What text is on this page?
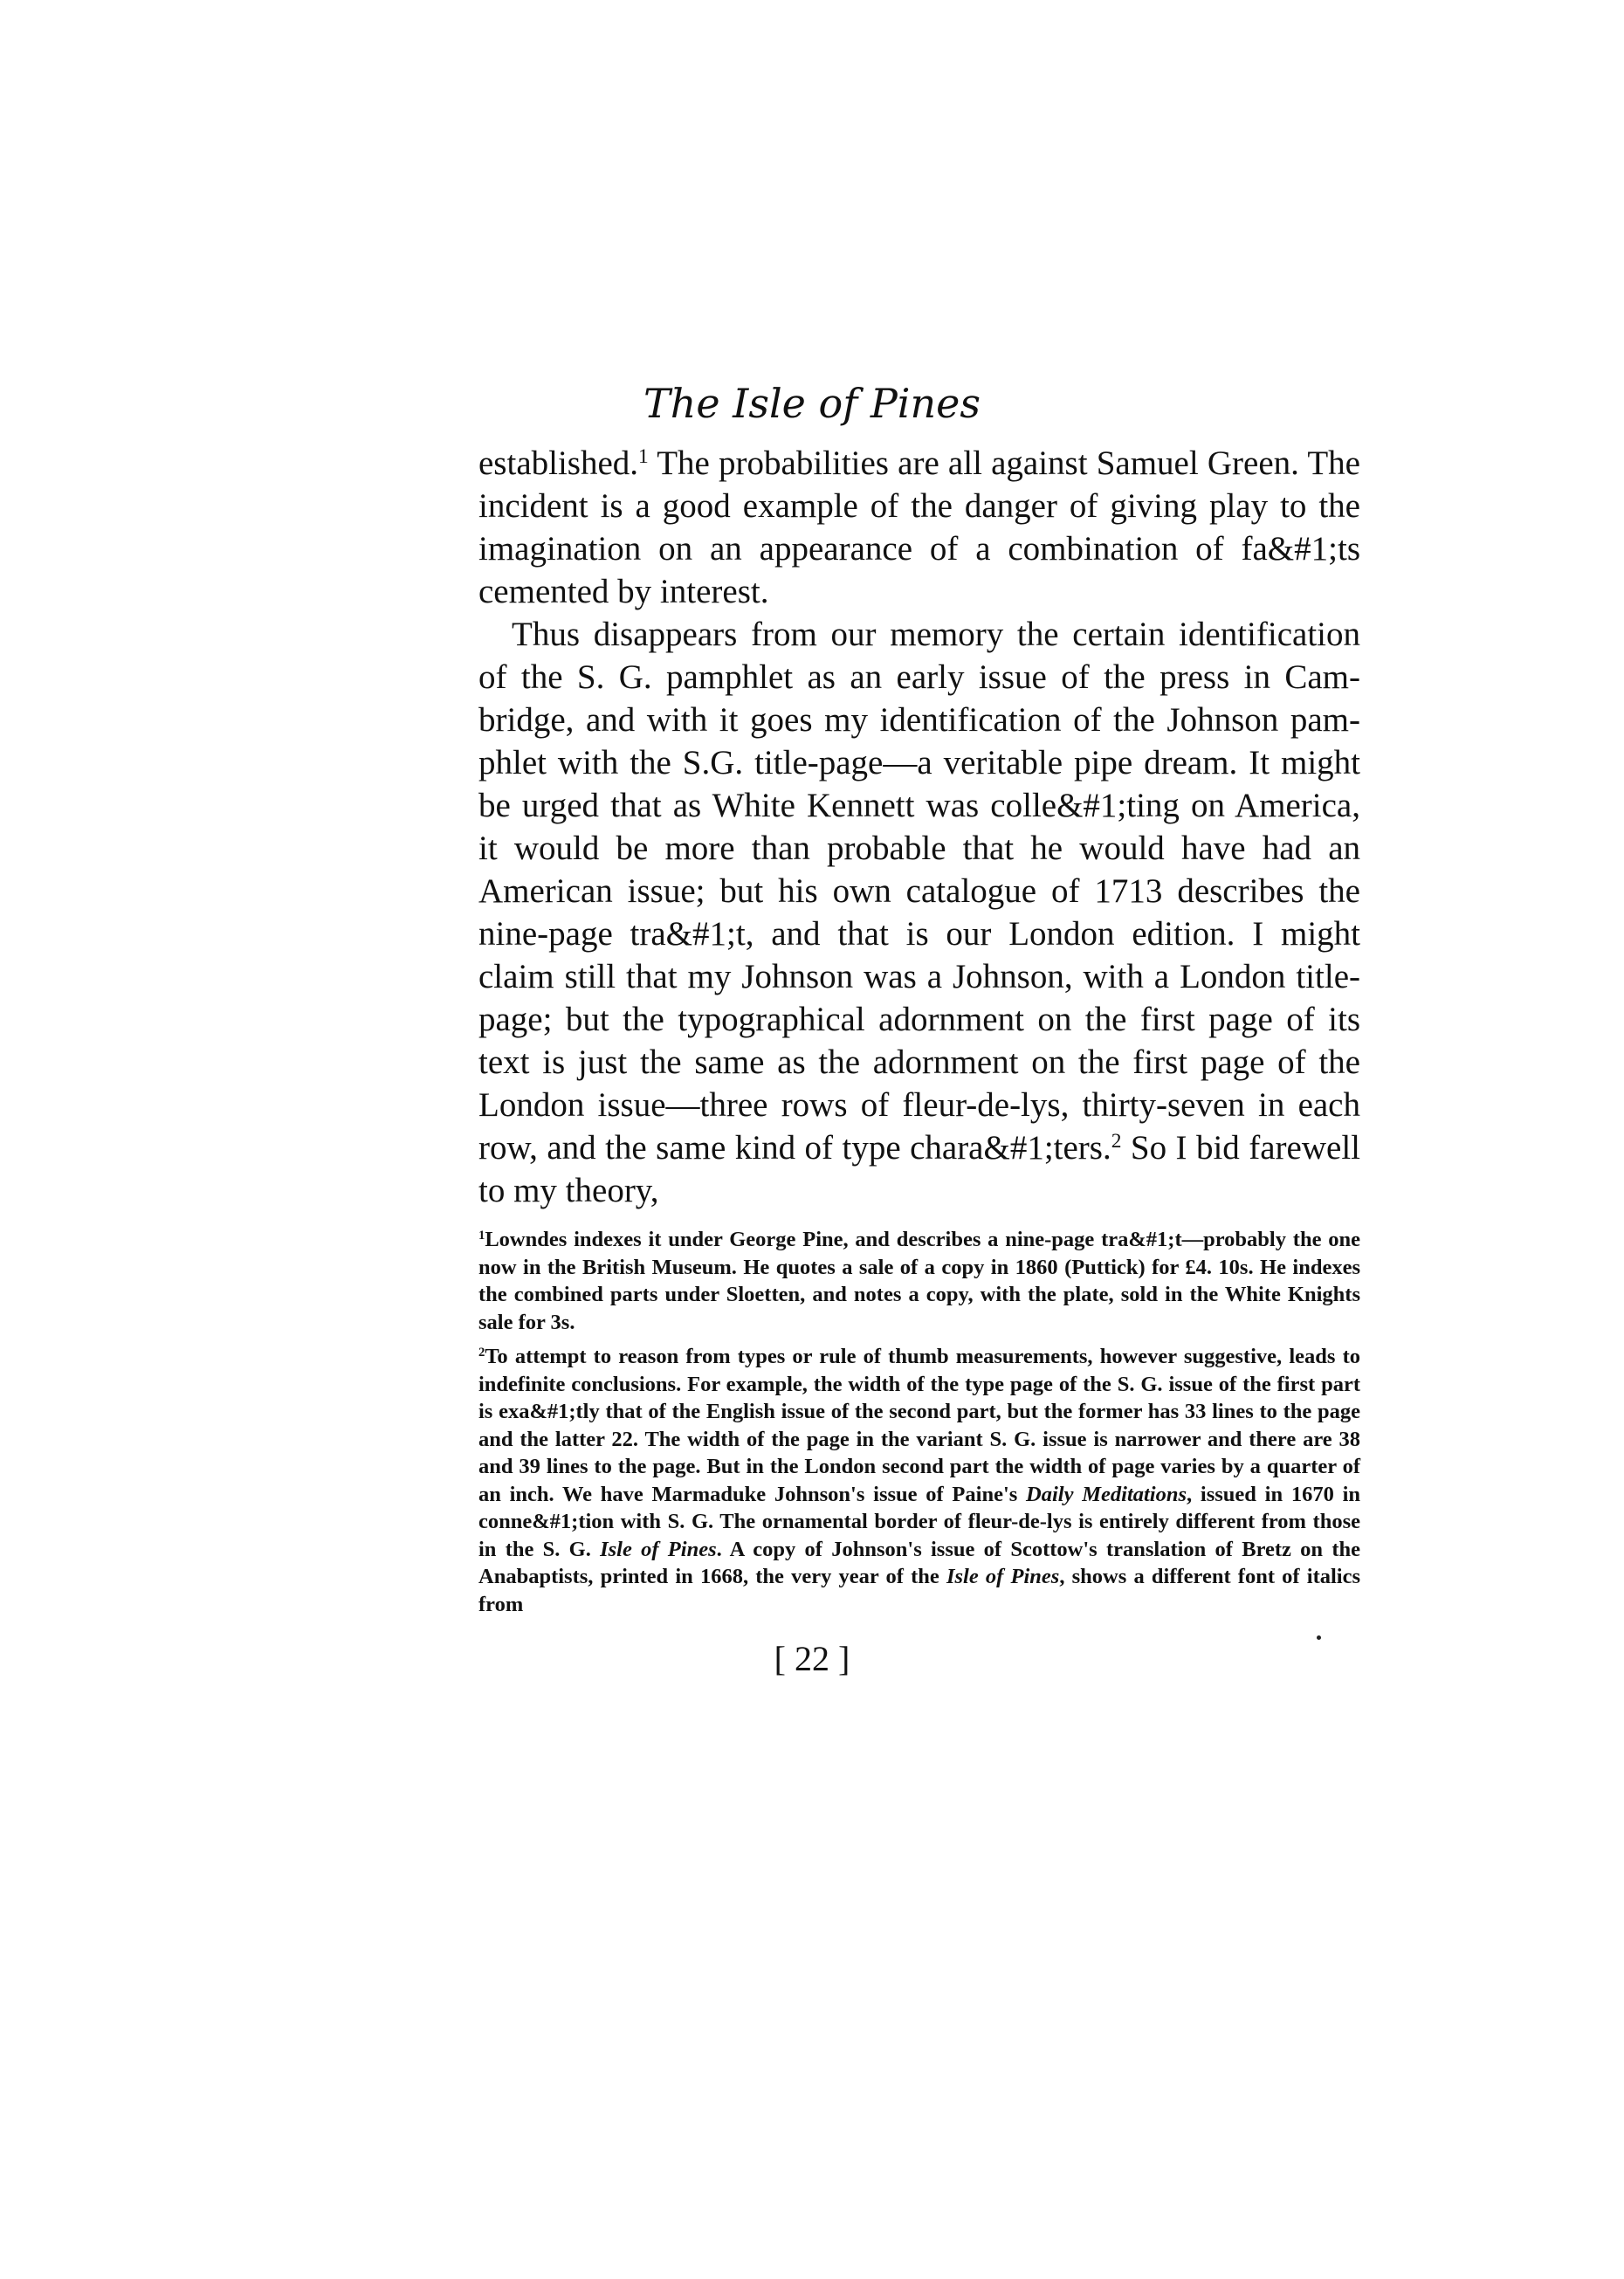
The Isle of Pines

established.$^1$ The probabilities are all against Samuel Green. The incident is a good example of the danger of giving play to the imagination on an appearance of a combination of fa&#1;ts cemented by interest.

Thus disappears from our memory the certain identification of the S. G. pamphlet as an early issue of the press in Cambridge, and with it goes my identification of the Johnson pamphlet with the S.G. title-page—a veritable pipe dream. It might be urged that as White Kennett was colle&#1;ting on America, it would be more than probable that he would have had an American issue; but his own catalogue of 1713 describes the nine-page tra&#1;t, and that is our London edition. I might claim still that my Johnson was a Johnson, with a London title-page; but the typographical adornment on the first page of its text is just the same as the adornment on the first page of the London issue—three rows of fleur-de-lys, thirty-seven in each row, and the same kind of type chara&#1;ters.$^2$ So I bid farewell to my theory,

$^1$Lowndes indexes it under George Pine, and describes a nine-page tra&#1;t—probably the one now in the British Museum. He quotes a sale of a copy in 1860 (Puttick) for £4. 10s. He indexes the combined parts under Sloetten, and notes a copy, with the plate, sold in the White Knights sale for 3s.

$^2$To attempt to reason from types or rule of thumb measurements, however suggestive, leads to indefinite conclusions. For example, the width of the type page of the S. G. issue of the first part is exa&#1;tly that of the English issue of the second part, but the former has 33 lines to the page and the latter 22. The width of the page in the variant S. G. issue is narrower and there are 38 and 39 lines to the page. But in the London second part the width of page varies by a quarter of an inch. We have Marmaduke Johnson's issue of Paine's Daily Meditations, issued in 1670 in conne&#1;tion with S. G. The ornamental border of fleur-de-lys is entirely different from those in the S. G. Isle of Pines. A copy of Johnson's issue of Scottow's translation of Bretz on the Anabaptists, printed in 1668, the very year of the Isle of Pines, shows a different font of italics from

[ 22 ]
